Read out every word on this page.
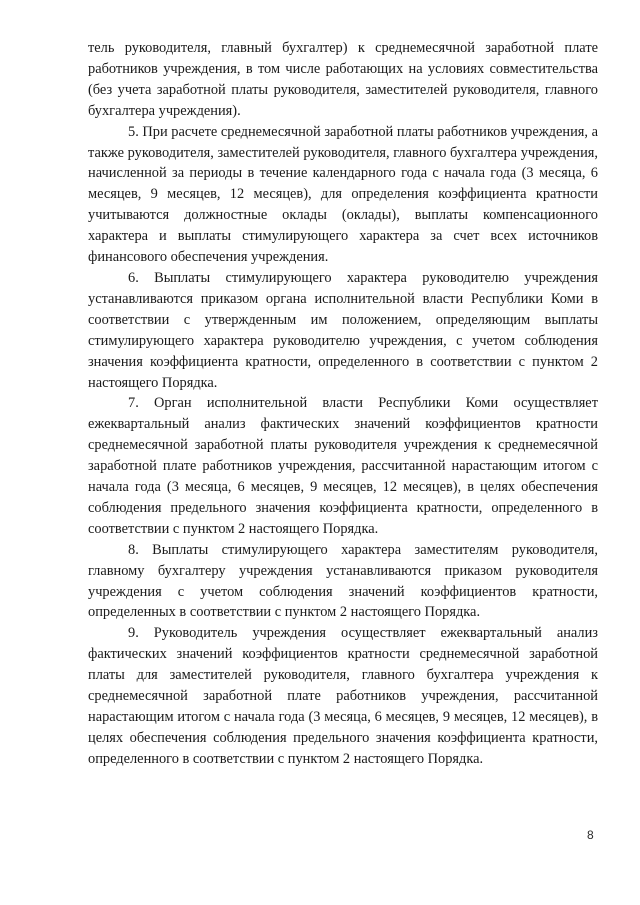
тель руководителя, главный бухгалтер) к среднемесячной заработной плате работников учреждения, в том числе работающих на условиях совместительства (без учета заработной платы руководителя, заместителей руководителя, главного бухгалтера учреждения).

5. При расчете среднемесячной заработной платы работников учреждения, а также руководителя, заместителей руководителя, главного бухгалтера учреждения, начисленной за периоды в течение календарного года с начала года (3 месяца, 6 месяцев, 9 месяцев, 12 месяцев), для определения коэффициента кратности учитываются должностные оклады (оклады), выплаты компенсационного характера и выплаты стимулирующего характера за счет всех источников финансового обеспечения учреждения.

6. Выплаты стимулирующего характера руководителю учреждения устанавливаются приказом органа исполнительной власти Республики Коми в соответствии с утвержденным им положением, определяющим выплаты стимулирующего характера руководителю учреждения, с учетом соблюдения значения коэффициента кратности, определенного в соответствии с пунктом 2 настоящего Порядка.

7. Орган исполнительной власти Республики Коми осуществляет ежеквартальный анализ фактических значений коэффициентов кратности среднемесячной заработной платы руководителя учреждения к среднемесячной заработной плате работников учреждения, рассчитанной нарастающим итогом с начала года (3 месяца, 6 месяцев, 9 месяцев, 12 месяцев), в целях обеспечения соблюдения предельного значения коэффициента кратности, определенного в соответствии с пунктом 2 настоящего Порядка.

8. Выплаты стимулирующего характера заместителям руководителя, главному бухгалтеру учреждения устанавливаются приказом руководителя учреждения с учетом соблюдения значений коэффициентов кратности, определенных в соответствии с пунктом 2 настоящего Порядка.

9. Руководитель учреждения осуществляет ежеквартальный анализ фактических значений коэффициентов кратности среднемесячной заработной платы для заместителей руководителя, главного бухгалтера учреждения к среднемесячной заработной плате работников учреждения, рассчитанной нарастающим итогом с начала года (3 месяца, 6 месяцев, 9 месяцев, 12 месяцев), в целях обеспечения соблюдения предельного значения коэффициента кратности, определенного в соответствии с пунктом 2 настоящего Порядка.

8
